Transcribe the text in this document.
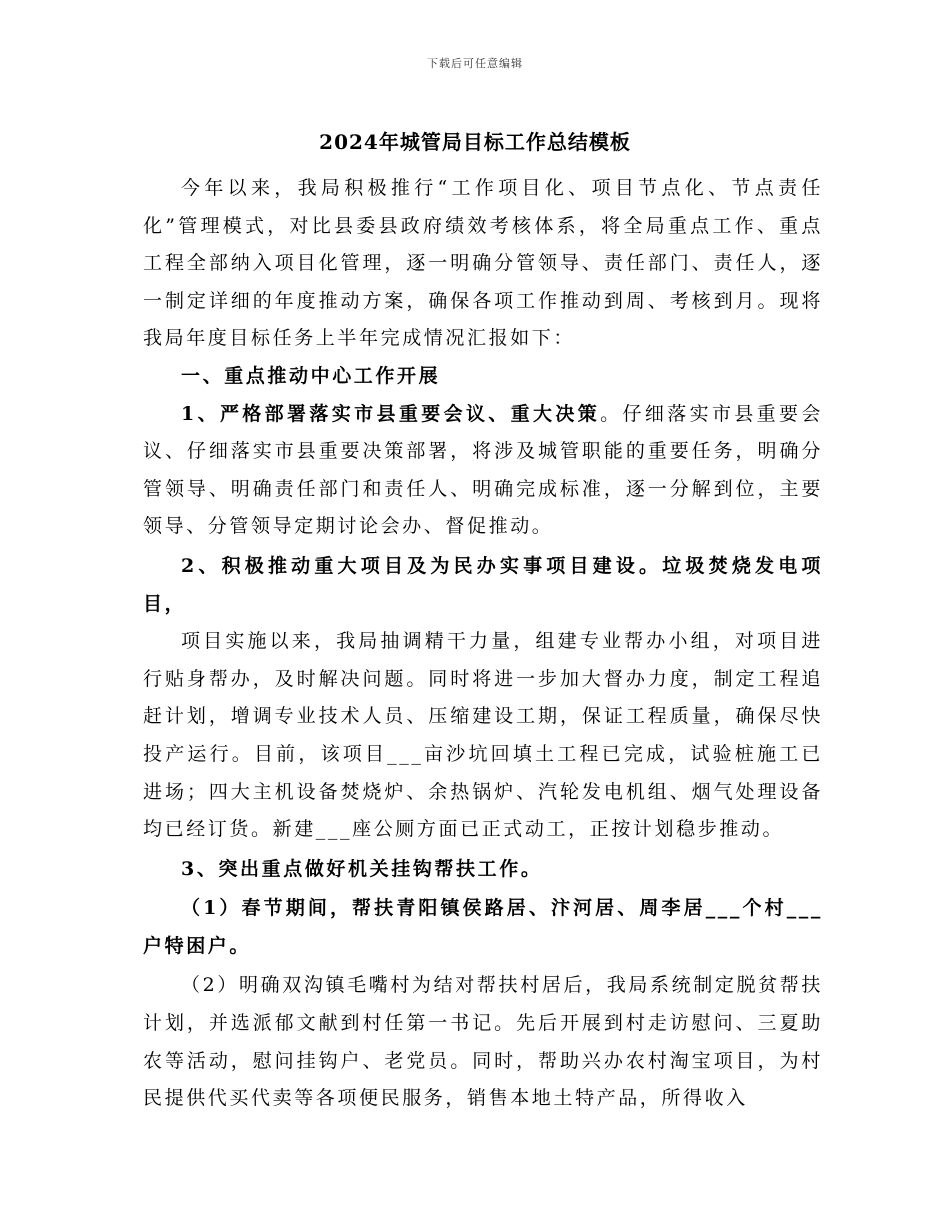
下载后可任意编辑
2024年城管局目标工作总结模板

今年以来，我局积极推行“工作项目化、项目节点化、节点责任化”管理模式，对比县委县政府绩效考核体系，将全局重点工作、重点工程全部纳入项目化管理，逐一明确分管领导、责任部门、责任人，逐一制定详细的年度推动方案，确保各项工作推动到周、考核到月。现将我局年度目标任务上半年完成情况汇报如下：

一、重点推动中心工作开展

1、严格部署落实市县重要会议、重大决策。仔细落实市县重要会议、仔细落实市县重要决策部署，将涉及城管职能的重要任务，明确分管领导、明确责任部门和责任人、明确完成标准，逐一分解到位，主要领导、分管领导定期讨论会办、督促推动。

2、积极推动重大项目及为民办实事项目建设。垃圾焚烧发电项目，

项目实施以来，我局抽调精干力量，组建专业帮办小组，对项目进行贴身帮办，及时解决问题。同时将进一步加大督办力度，制定工程追赶计划，增调专业技术人员、压缩建设工期，保证工程质量，确保尽快投产运行。目前，该项目___亩沙坑回填土工程已完成，试验桩施工已进场；四大主机设备焚烧炉、余热锅炉、汽轮发电机组、烟气处理设备均已经订货。新建___座公厕方面已正式动工，正按计划稳步推动。

3、突出重点做好机关挂钩帮扶工作。

（1）春节期间，帮扶青阳镇侯路居、汴河居、周李居___个村___户特困户。

（2）明确双沟镇毛嘴村为结对帮扶村居后，我局系统制定脱贫帮扶计划，并选派郁文献到村任第一书记。先后开展到村走访慰问、三夏助农等活动，慰问挂钩户、老党员。同时，帮助兴办农村淘宝项目，为村民提供代买代卖等各项便民服务，销售本地土特产品，所得收入
